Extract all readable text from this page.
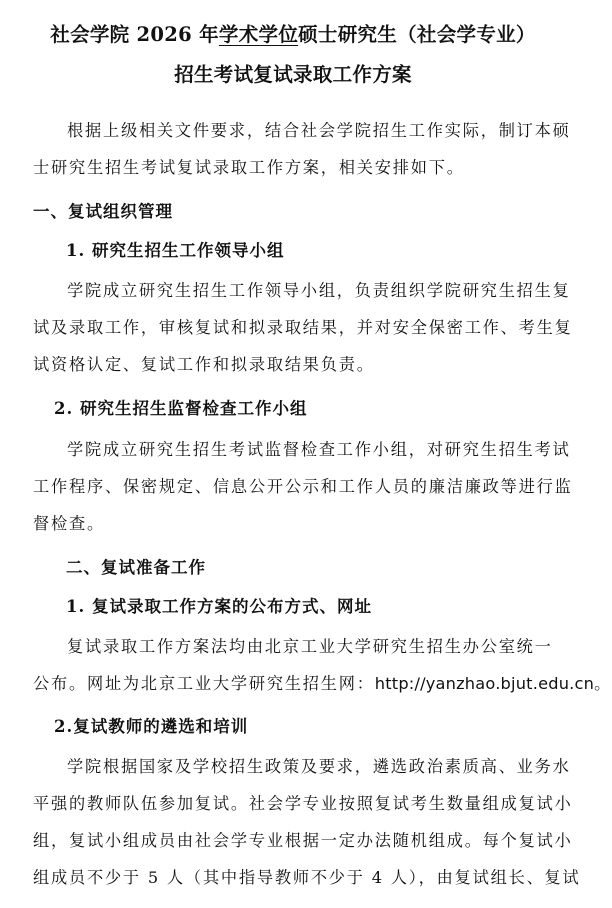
社会学院 2026 年学术学位硕士研究生（社会学专业）
招生考试复试录取工作方案
根据上级相关文件要求，结合社会学院招生工作实际，制订本硕
士研究生招生考试复试录取工作方案，相关安排如下。
一、复试组织管理
1. 研究生招生工作领导小组
学院成立研究生招生工作领导小组，负责组织学院研究生招生复
试及录取工作，审核复试和拟录取结果，并对安全保密工作、考生复
试资格认定、复试工作和拟录取结果负责。
2. 研究生招生监督检查工作小组
学院成立研究生招生考试监督检查工作小组，对研究生招生考试
工作程序、保密规定、信息公开公示和工作人员的廉洁廉政等进行监
督检查。
二、复试准备工作
1. 复试录取工作方案的公布方式、网址
复试录取工作方案法均由北京工业大学研究生招生办公室统一
公布。网址为北京工业大学研究生招生网：http://yanzhao.bjut.edu.cn。
2.复试教师的遴选和培训
学院根据国家及学校招生政策及要求，遴选政治素质高、业务水
平强的教师队伍参加复试。社会学专业按照复试考生数量组成复试小
组，复试小组成员由社会学专业根据一定办法随机组成。每个复试小
组成员不少于 5 人（其中指导教师不少于 4 人），由复试组长、复试
